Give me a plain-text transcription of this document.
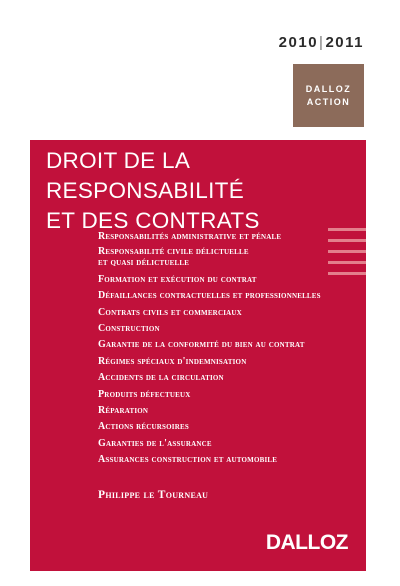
2010|2011
DALLOZ
ACTION
DROIT DE LA RESPONSABILITÉ
ET DES CONTRATS
Responsabilités administrative et pénale
Responsabilité civile délictuelle
et quasi délictuelle
Formation et exécution du contrat
Défaillances contractuelles et professionnelles
Contrats civils et commerciaux
Construction
Garantie de la conformité du bien au contrat
Régimes spéciaux d'indemnisation
Accidents de la circulation
Produits défectueux
Réparation
Actions récursoires
Garanties de l'assurance
Assurances construction et automobile
Philippe le Tourneau
DALLOZ
